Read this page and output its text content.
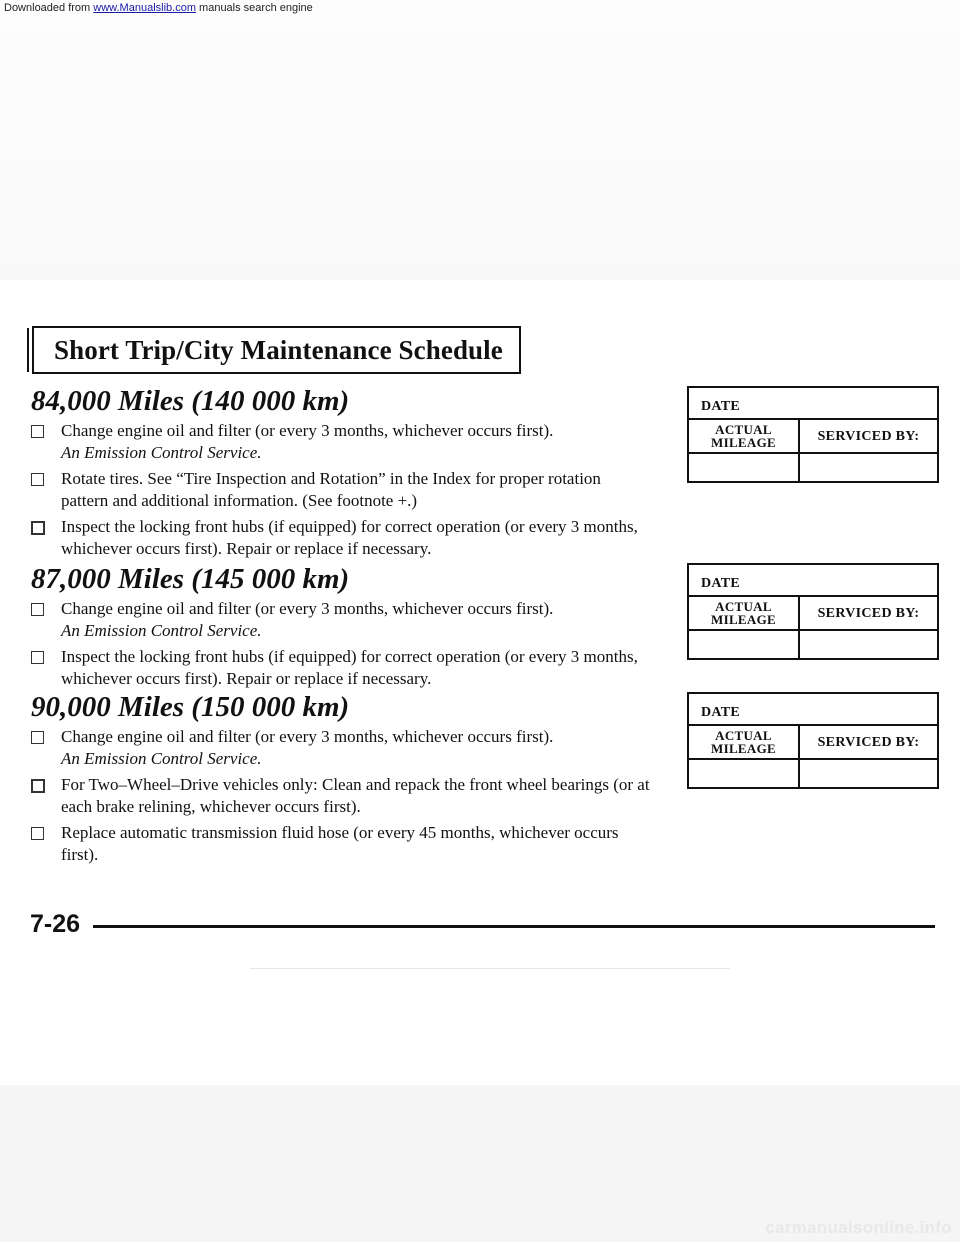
Downloaded from www.Manualslib.com manuals search engine
Short Trip/City Maintenance Schedule
84,000 Miles (140 000 km)
Change engine oil and filter (or every 3 months, whichever occurs first).
An Emission Control Service.
Rotate tires. See “Tire Inspection and Rotation” in the Index for proper rotation pattern and additional information. (See footnote +.)
Inspect the locking front hubs (if equipped) for correct operation (or every 3 months, whichever occurs first). Repair or replace if necessary.
87,000 Miles (145 000 km)
Change engine oil and filter (or every 3 months, whichever occurs first).
An Emission Control Service.
Inspect the locking front hubs (if equipped) for correct operation (or every 3 months, whichever occurs first). Repair or replace if necessary.
90,000 Miles (150 000 km)
Change engine oil and filter (or every 3 months, whichever occurs first).
An Emission Control Service.
For Two–Wheel–Drive vehicles only: Clean and repack the front wheel bearings (or at each brake relining, whichever occurs first).
Replace automatic transmission fluid hose (or every 45 months, whichever occurs first).
DATE
ACTUAL
MILEAGE	SERVICED BY:
DATE
ACTUAL
MILEAGE	SERVICED BY:
DATE
ACTUAL
MILEAGE	SERVICED BY:
7-26
carmanualsonline.info
